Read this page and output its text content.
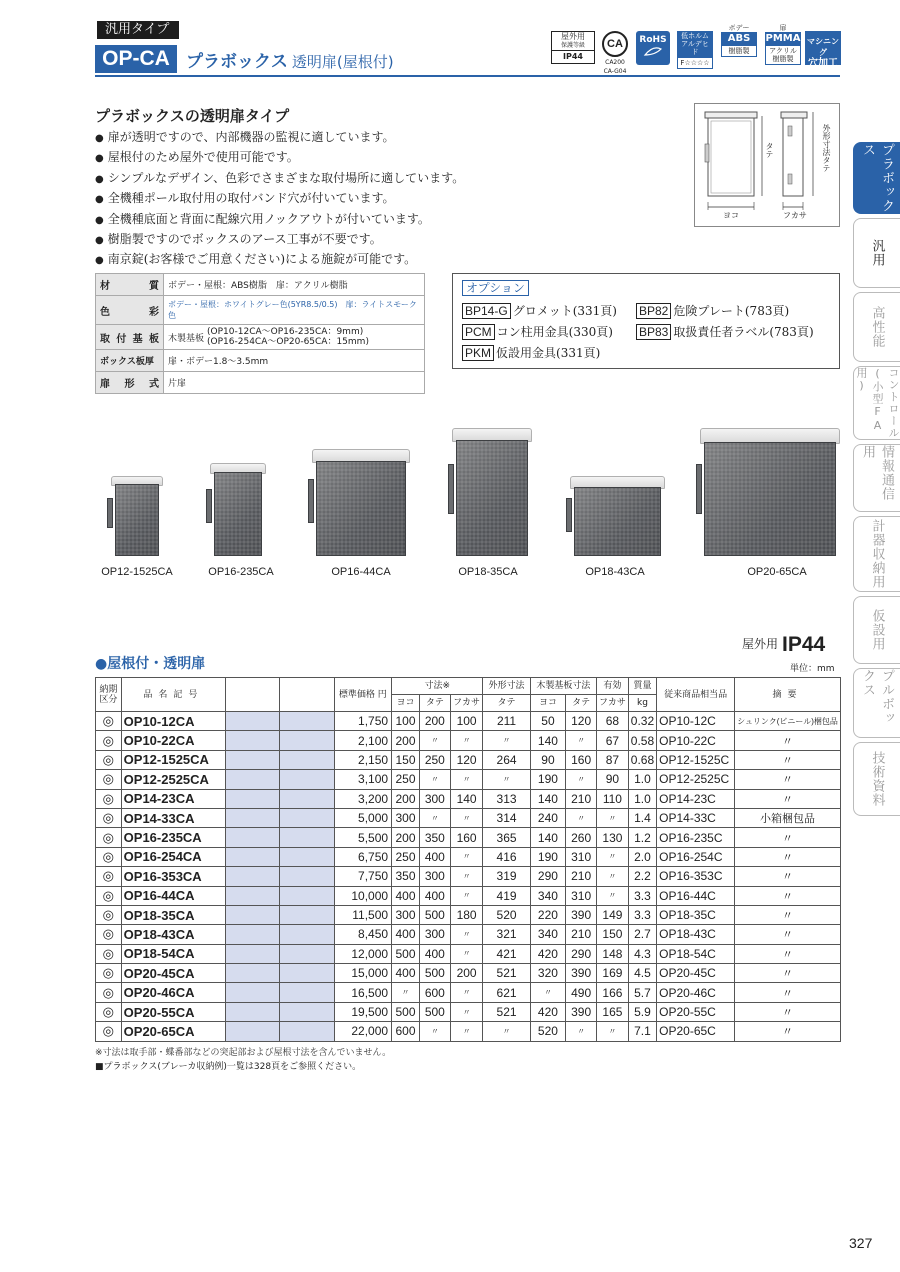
汎用タイプ
OP-CA プラボックス 透明扉(屋根付)
屋外用
保護等級
IP44
CA
CA200
CA-G04
RoHS	低ホルム
アルデヒド
F☆☆☆☆
ボデー
ABS
樹脂製
扉
PMMA
アクリル樹脂製
マシニング
穴加工
プラボックス
汎用
高性能
コントロール(小型FA用)
情報通信用
計器収納用
仮設用
プルボックス
技術資料
プラボックスの透明扉タイプ
● 扉が透明ですので、内部機器の監視に適しています。
● 屋根付のため屋外で使用可能です。
● シンプルなデザイン、色彩でさまざまな取付場所に適しています。
● 全機種ポール取付用の取付バンド穴が付いています。
● 全機種底面と背面に配線穴用ノックアウトが付いています。
● 樹脂製ですのでボックスのアース工事が不要です。
● 南京錠(お客様でご用意ください)による施錠が可能です。
ヨコ
タテ
フカサ
外形寸法タテ
材質	ボデー・屋根：ABS樹脂　扉：アクリル樹脂
色彩	ボデー・屋根：ホワイトグレー色(5YR8.5/0.5)　扉：ライトスモーク色
取付基板	木製基板
(OP10-12CA～OP16-235CA：9mm)
(OP16-254CA～OP20-65CA：15mm)

ボックス板厚	扉・ボデー1.8～3.5mm
扉形式	片扉
オプション
BP14-G グロメット(331頁) BP82 危険プレート(783頁)
PCM コン柱用金具(330頁) BP83 取扱責任者ラベル(783頁)
PKM 仮設用金具(331頁)
OP12-1525CA	OP16-235CA	OP16-44CA	OP18-35CA	OP18-43CA	OP20-65CA
屋外用 IP44
●屋根付・透明扉	単位：mm
納期区分	品名記号			標準価格 円	寸法※			外形寸法	木製基板寸法		有効	質量	従来商品相当品	摘要
					ヨコ	タテ	フカサ	タテ	ヨコ	タテ	フカサ	kg		
◎	OP10-12CA			1,750	100	200	100	211	50	120	68	0.32	OP10-12C	シュリンク(ビニール)梱包品
◎	OP10-22CA			2,100	200	〃	〃	〃	140	〃	67	0.58	OP10-22C	〃
◎	OP12-1525CA			2,150	150	250	120	264	90	160	87	0.68	OP12-1525C	〃
◎	OP12-2525CA			3,100	250	〃	〃	〃	190	〃	90	1.0	OP12-2525C	〃
◎	OP14-23CA			3,200	200	300	140	313	140	210	110	1.0	OP14-23C	〃
◎	OP14-33CA			5,000	300	〃	〃	314	240	〃	〃	1.4	OP14-33C	小箱梱包品
◎	OP16-235CA			5,500	200	350	160	365	140	260	130	1.2	OP16-235C	〃
◎	OP16-254CA			6,750	250	400	〃	416	190	310	〃	2.0	OP16-254C	〃
◎	OP16-353CA			7,750	350	300	〃	319	290	210	〃	2.2	OP16-353C	〃
◎	OP16-44CA			10,000	400	400	〃	419	340	310	〃	3.3	OP16-44C	〃
◎	OP18-35CA			11,500	300	500	180	520	220	390	149	3.3	OP18-35C	〃
◎	OP18-43CA			8,450	400	300	〃	321	340	210	150	2.7	OP18-43C	〃
◎	OP18-54CA			12,000	500	400	〃	421	420	290	148	4.3	OP18-54C	〃
◎	OP20-45CA			15,000	400	500	200	521	320	390	169	4.5	OP20-45C	〃
◎	OP20-46CA			16,500	〃	600	〃	621	〃	490	166	5.7	OP20-46C	〃
◎	OP20-55CA			19,500	500	500	〃	521	420	390	165	5.9	OP20-55C	〃
◎	OP20-65CA			22,000	600	〃	〃	〃	520	〃	〃	7.1	OP20-65C	〃
※寸法は取手部・蝶番部などの突起部および屋根寸法を含んでいません。
■プラボックス(ブレーカ収納例)一覧は328頁をご参照ください。
327
